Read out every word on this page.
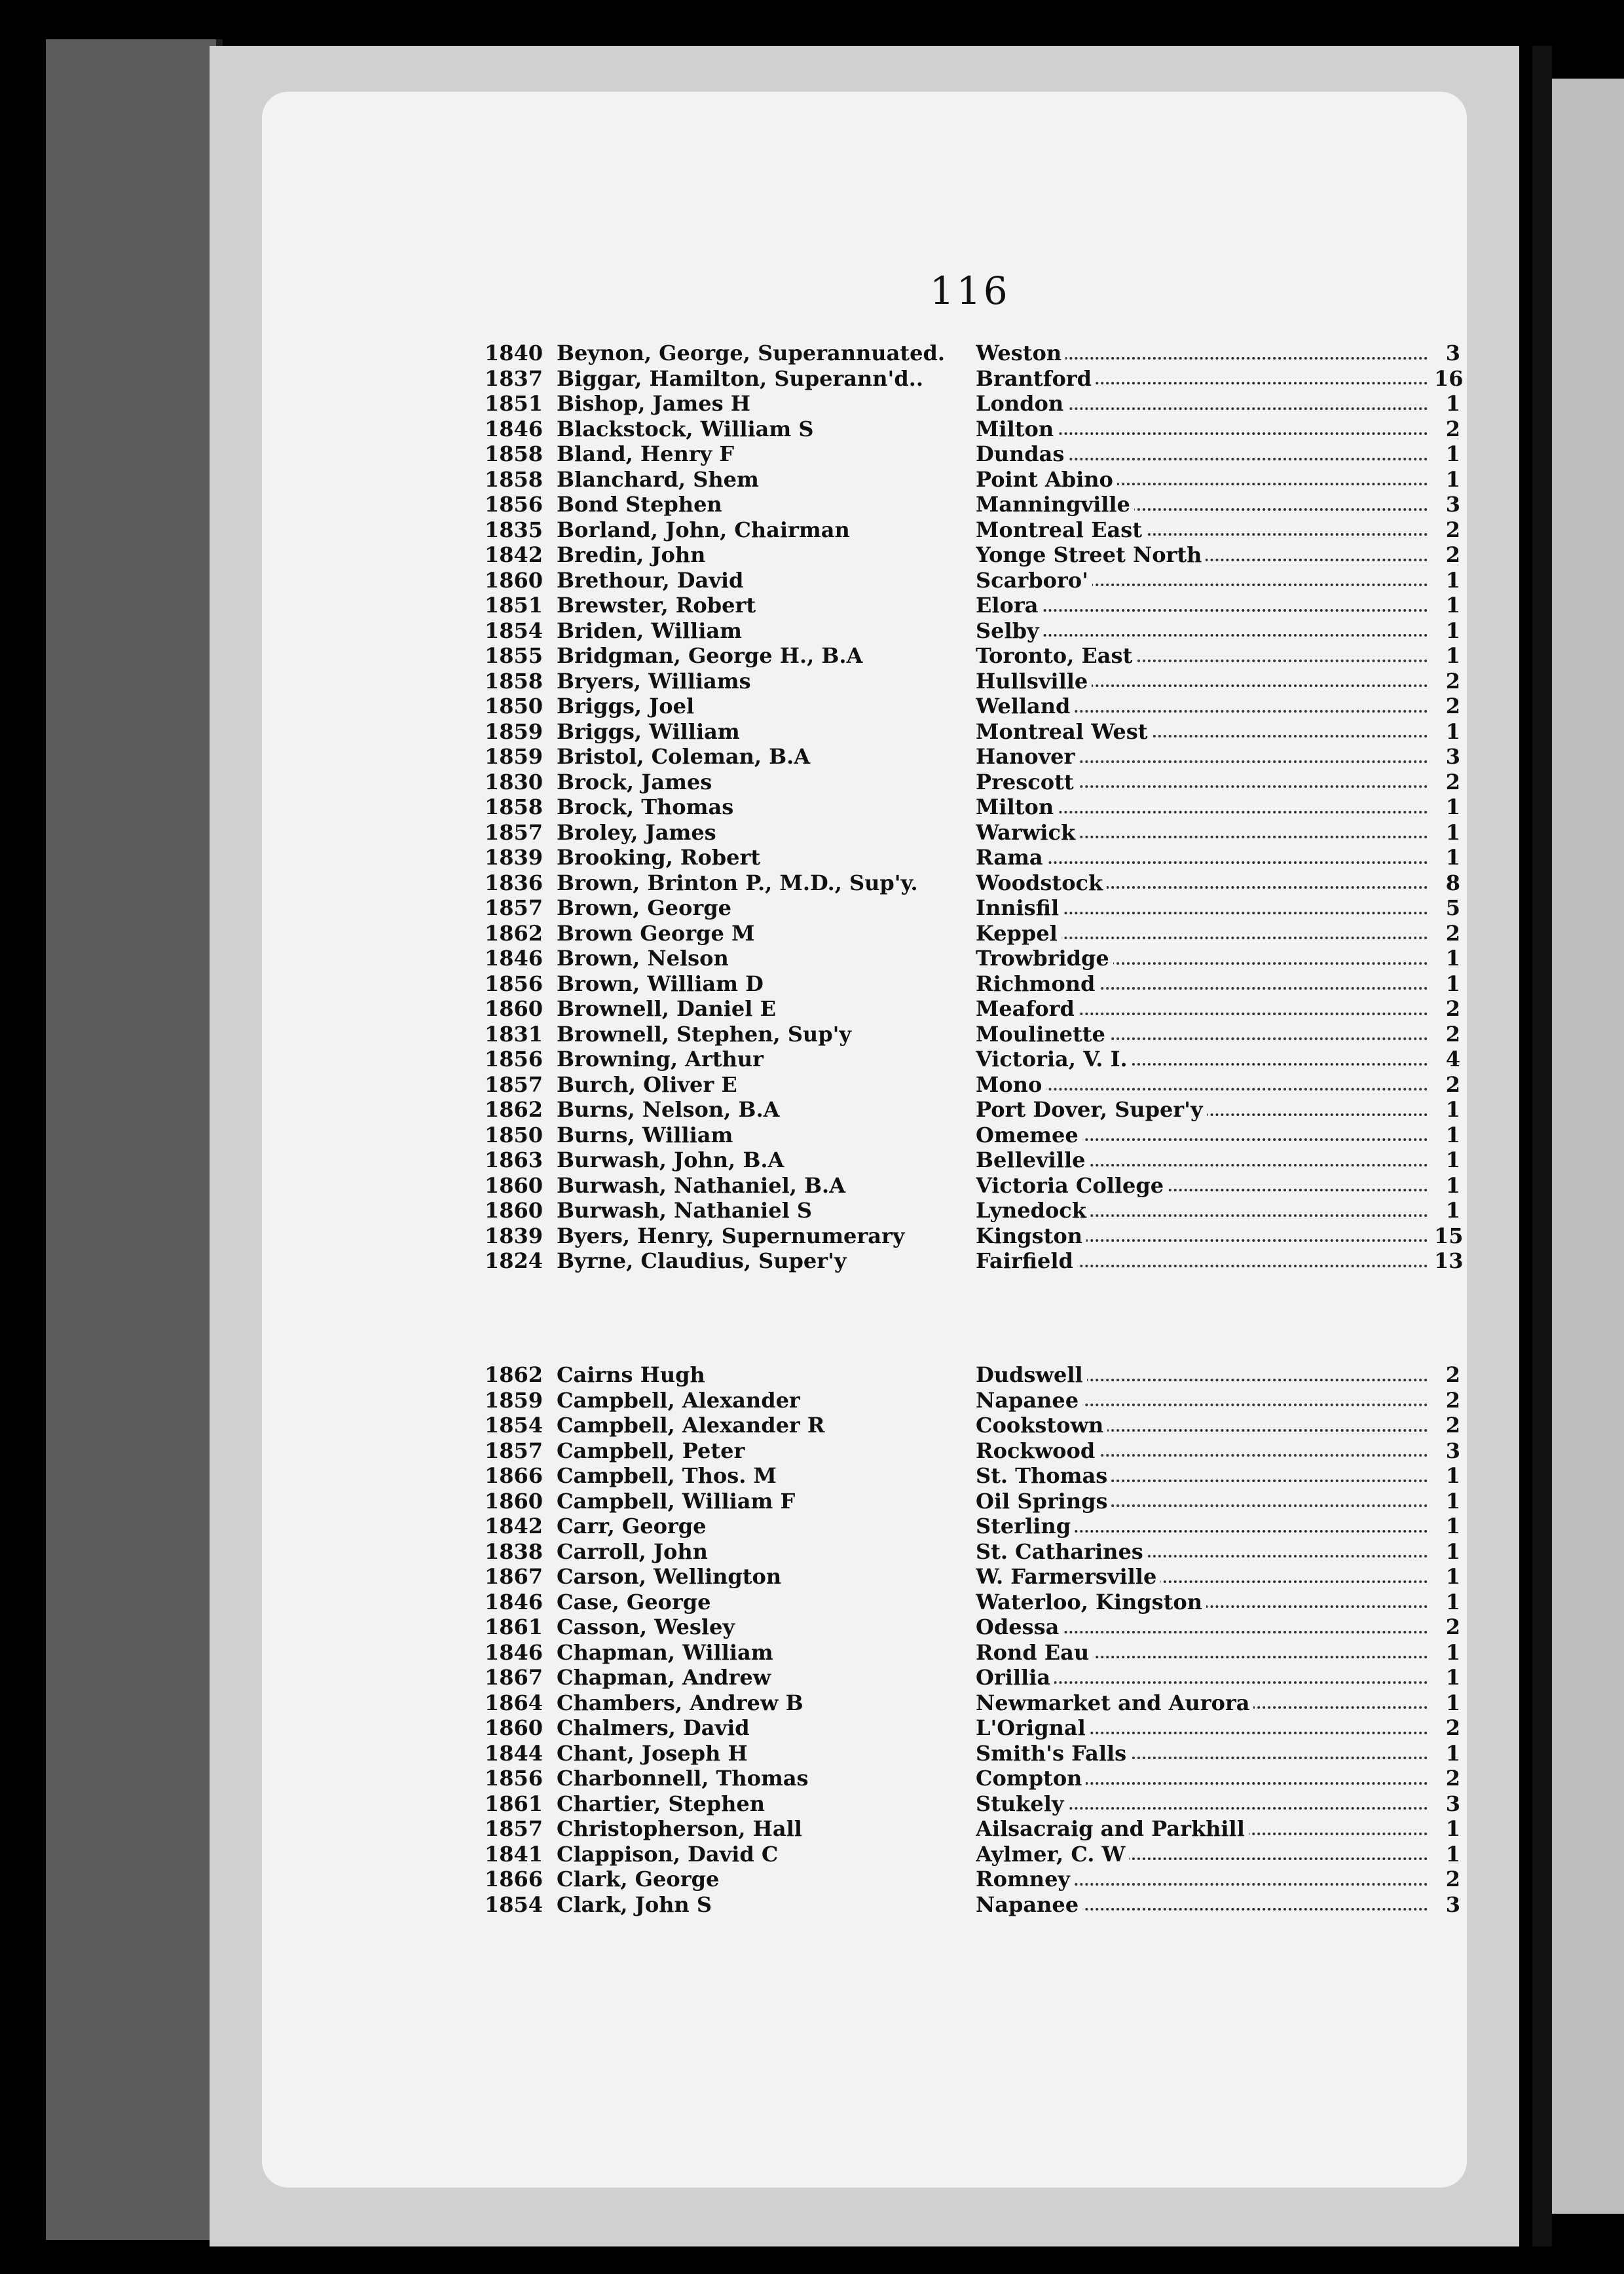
116
1840 Beynon, George, Superannuated.	Weston	3
1837 Biggar, Hamilton, Superann'd..	Brantford	16
1851 Bishop, James H	London	1
1846 Blackstock, William S	Milton	2
1858 Bland, Henry F	Dundas	1
1858 Blanchard, Shem	Point Abino	1
1856 Bond Stephen	Manningville	3
1835 Borland, John, Chairman	Montreal East	2
1842 Bredin, John	Yonge Street North	2
1860 Brethour, David	Scarboro'	1
1851 Brewster, Robert	Elora	1
1854 Briden, William	Selby	1
1855 Bridgman, George H., B.A	Toronto, East	1
1858 Bryers, Williams	Hullsville	2
1850 Briggs, Joel	Welland	2
1859 Briggs, William	Montreal West	1
1859 Bristol, Coleman, B.A	Hanover	3
1830 Brock, James	Prescott	2
1858 Brock, Thomas	Milton	1
1857 Broley, James	Warwick	1
1839 Brooking, Robert	Rama	1
1836 Brown, Brinton P., M.D., Sup'y.	Woodstock	8
1857 Brown, George	Innisfil	5
1862 Brown George M	Keppel	2
1846 Brown, Nelson	Trowbridge	1
1856 Brown, William D	Richmond	1
1860 Brownell, Daniel E	Meaford	2
1831 Brownell, Stephen, Sup'y	Moulinette	2
1856 Browning, Arthur	Victoria, V. I.	4
1857 Burch, Oliver E	Mono	2
1862 Burns, Nelson, B.A	Port Dover, Super'y	1
1850 Burns, William	Omemee	1
1863 Burwash, John, B.A	Belleville	1
1860 Burwash, Nathaniel, B.A	Victoria College	1
1860 Burwash, Nathaniel S	Lynedock	1
1839 Byers, Henry, Supernumerary	Kingston	15
1824 Byrne, Claudius, Super'y	Fairfield	13
1862 Cairns Hugh	Dudswell	2
1859 Campbell, Alexander	Napanee	2
1854 Campbell, Alexander R	Cookstown	2
1857 Campbell, Peter	Rockwood	3
1866 Campbell, Thos. M	St. Thomas	1
1860 Campbell, William F	Oil Springs	1
1842 Carr, George	Sterling	1
1838 Carroll, John	St. Catharines	1
1867 Carson, Wellington	W. Farmersville	1
1846 Case, George	Waterloo, Kingston	1
1861 Casson, Wesley	Odessa	2
1846 Chapman, William	Rond Eau	1
1867 Chapman, Andrew	Orillia	1
1864 Chambers, Andrew B	Newmarket and Aurora	1
1860 Chalmers, David	L'Orignal	2
1844 Chant, Joseph H	Smith's Falls	1
1856 Charbonnell, Thomas	Compton	2
1861 Chartier, Stephen	Stukely	3
1857 Christopherson, Hall	Ailsacraig and Parkhill	1
1841 Clappison, David C	Aylmer, C. W	1
1866 Clark, George	Romney	2
1854 Clark, John S	Napanee	3
